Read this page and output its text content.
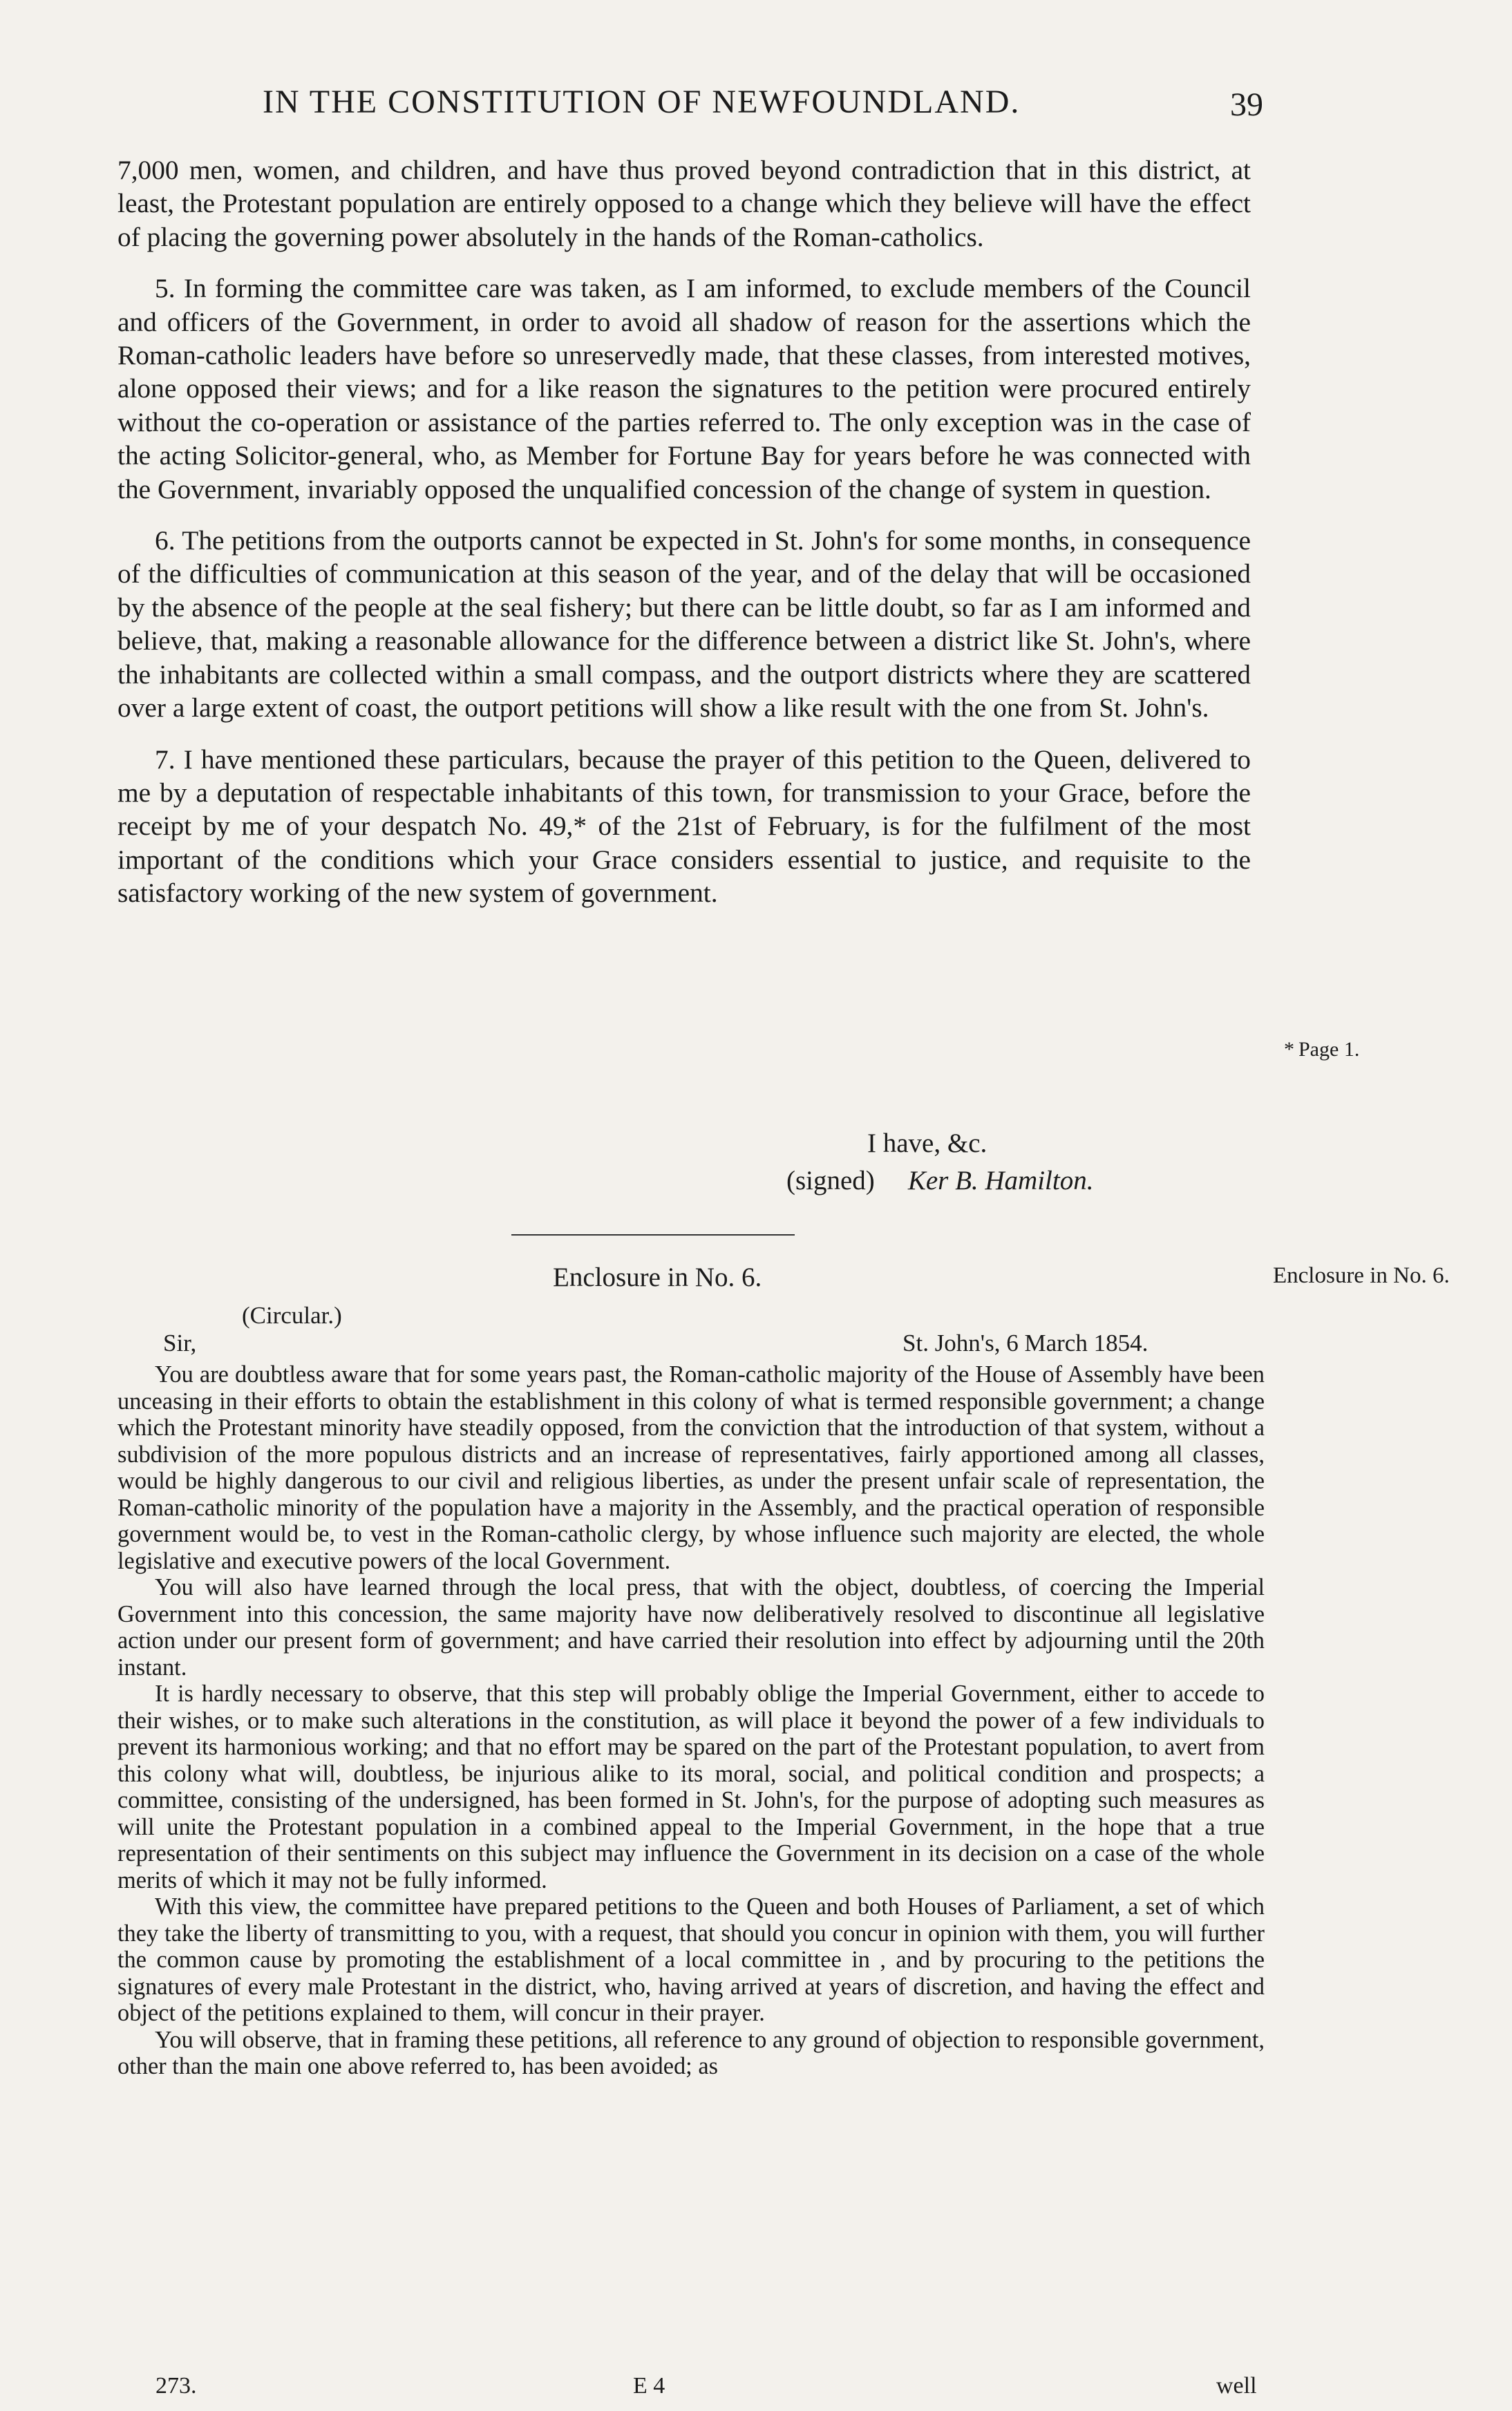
IN THE CONSTITUTION OF NEWFOUNDLAND.	39

7,000 men, women, and children, and have thus proved beyond contradiction that in this district, at least, the Protestant population are entirely opposed to a change which they believe will have the effect of placing the governing power absolutely in the hands of the Roman-catholics.

5. In forming the committee care was taken, as I am informed, to exclude members of the Council and officers of the Government, in order to avoid all shadow of reason for the assertions which the Roman-catholic leaders have before so unreservedly made, that these classes, from interested motives, alone opposed their views; and for a like reason the signatures to the petition were procured entirely without the co-operation or assistance of the parties referred to. The only exception was in the case of the acting Solicitor-general, who, as Member for Fortune Bay for years before he was connected with the Government, invariably opposed the unqualified concession of the change of system in question.

6. The petitions from the outports cannot be expected in St. John's for some months, in consequence of the difficulties of communication at this season of the year, and of the delay that will be occasioned by the absence of the people at the seal fishery; but there can be little doubt, so far as I am informed and believe, that, making a reasonable allowance for the difference between a district like St. John's, where the inhabitants are collected within a small compass, and the outport districts where they are scattered over a large extent of coast, the outport petitions will show a like result with the one from St. John's.

7. I have mentioned these particulars, because the prayer of this petition to the Queen, delivered to me by a deputation of respectable inhabitants of this town, for transmission to your Grace, before the receipt by me of your despatch No. 49,* of the 21st of February, is for the fulfilment of the most important of the conditions which your Grace considers essential to justice, and requisite to the satisfactory working of the new system of government.

* Page 1.
I have, &c.
(signed) Ker B. Hamilton.
Enclosure in No. 6.	Enclosure in No. 6.
(Circular.)
Sir,	St. John's, 6 March 1854.

You are doubtless aware that for some years past, the Roman-catholic majority of the House of Assembly have been unceasing in their efforts to obtain the establishment in this colony of what is termed responsible government; a change which the Protestant minority have steadily opposed, from the conviction that the introduction of that system, without a subdivision of the more populous districts and an increase of representatives, fairly apportioned among all classes, would be highly dangerous to our civil and religious liberties, as under the present unfair scale of representation, the Roman-catholic minority of the population have a majority in the Assembly, and the practical operation of responsible government would be, to vest in the Roman-catholic clergy, by whose influence such majority are elected, the whole legislative and executive powers of the local Government.

You will also have learned through the local press, that with the object, doubtless, of coercing the Imperial Government into this concession, the same majority have now deliberatively resolved to discontinue all legislative action under our present form of government; and have carried their resolution into effect by adjourning until the 20th instant.

It is hardly necessary to observe, that this step will probably oblige the Imperial Government, either to accede to their wishes, or to make such alterations in the constitution, as will place it beyond the power of a few individuals to prevent its harmonious working; and that no effort may be spared on the part of the Protestant population, to avert from this colony what will, doubtless, be injurious alike to its moral, social, and political condition and prospects; a committee, consisting of the undersigned, has been formed in St. John's, for the purpose of adopting such measures as will unite the Protestant population in a combined appeal to the Imperial Government, in the hope that a true representation of their sentiments on this subject may influence the Government in its decision on a case of the whole merits of which it may not be fully informed.

With this view, the committee have prepared petitions to the Queen and both Houses of Parliament, a set of which they take the liberty of transmitting to you, with a request, that should you concur in opinion with them, you will further the common cause by promoting the establishment of a local committee in , and by procuring to the petitions the signatures of every male Protestant in the district, who, having arrived at years of discretion, and having the effect and object of the petitions explained to them, will concur in their prayer.

You will observe, that in framing these petitions, all reference to any ground of objection to responsible government, other than the main one above referred to, has been avoided; as

273.	E 4	well
